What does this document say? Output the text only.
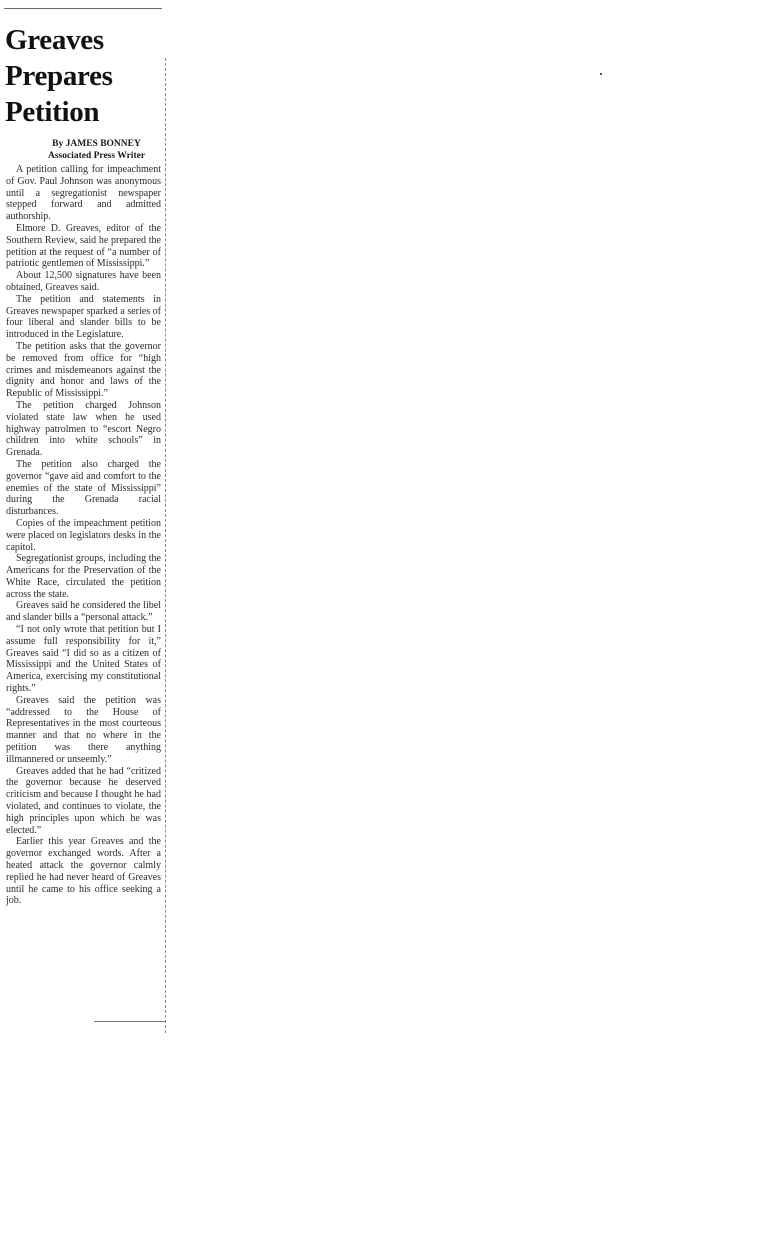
Greaves
Prepares
Petition
By JAMES BONNEY
Associated Press Writer

A petition calling for impeachment of Gov. Paul Johnson was anonymous until a segregationist newspaper stepped forward and admitted authorship.

Elmore D. Greaves, editor of the Southern Review, said he prepared the petition at the request of “a number of patriotic gentlemen of Mississippi.”

About 12,500 signatures have been obtained, Greaves said.

The petition and statements in Greaves newspaper sparked a series of four liberal and slander bills to be introduced in the Legislature.

The petition asks that the governor be removed from office for “high crimes and misdemeanors against the dignity and honor and laws of the Republic of Mississippi.”

The petition charged Johnson violated state law when he used highway patrolmen to “escort Negro children into white schools” in Grenada.

The petition also charged the governor “gave aid and comfort to the enemies of the state of Mississippi” during the Grenada racial disturbances.

Copies of the impeachment petition were placed on legislators desks in the capitol.

Segregationist groups, including the Americans for the Preservation of the White Race, circulated the petition across the state.

Greaves said he considered the libel and slander bills a “personal attack.”

“I not only wrote that petition but I assume full responsibility for it,” Greaves said “I did so as a citizen of Mississippi and the United States of America, exercising my constitutional rights.”

Greaves said the petition was “addressed to the House of Representatives in the most courteous manner and that no where in the petition was there anything illmannered or unseemly.”

Greaves added that he had “critized the governor because he deserved criticism and because I thought he had violated, and continues to violate, the high principles upon which he was elected.”

Earlier this year Greaves and the governor exchanged words. After a heated attack the governor calmly replied he had never heard of Greaves until he came to his office seeking a job.
